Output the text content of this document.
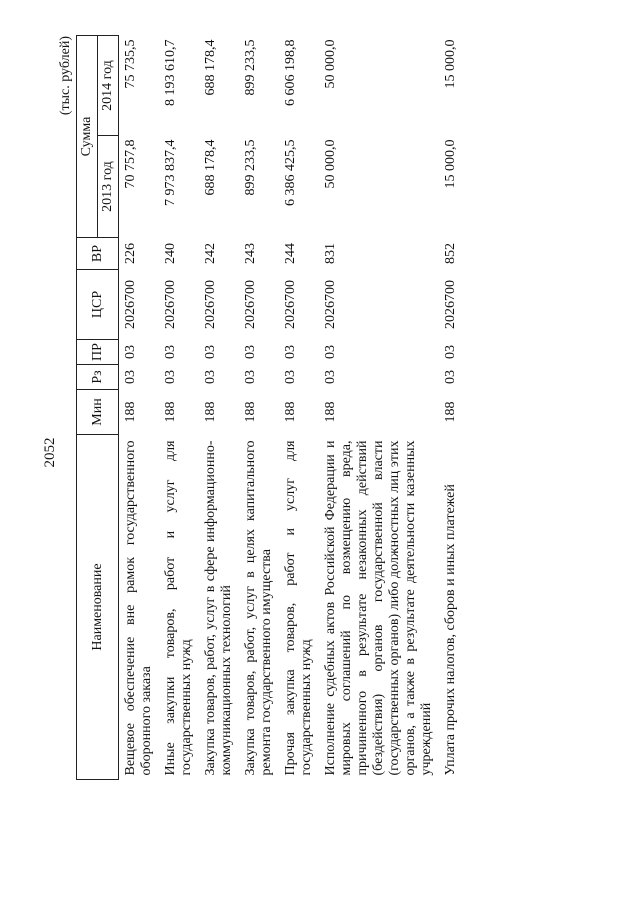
2052
(тыс. рублей)
Наименование	Мин	Рз	ПР	ЦСР	ВР	Сумма	
						2013 год	2014 год

Вещевое обеспечение вне рамок государственного оборонного заказа	188	03	03	2026700	226	70 757,8	75 735,5

Иные закупки товаров, работ и услуг для государственных нужд	188	03	03	2026700	240	7 973 837,4	8 193 610,7

Закупка товаров, работ, услуг в сфере информационно-коммуникационных технологий	188	03	03	2026700	242	688 178,4	688 178,4

Закупка товаров, работ, услуг в целях капитального ремонта государственного имущества	188	03	03	2026700	243	899 233,5	899 233,5

Прочая закупка товаров, работ и услуг для государственных нужд	188	03	03	2026700	244	6 386 425,5	6 606 198,8

Исполнение судебных актов Российской Федерации и мировых соглашений по возмещению вреда, причиненного в результате незаконных действий (бездействия) органов государственной власти (государственных органов) либо должностных лиц этих органов, а также в результате деятельности казенных учреждений	188	03	03	2026700	831	50 000,0	50 000,0

Уплата прочих налогов, сборов и иных платежей	188	03	03	2026700	852	15 000,0	15 000,0
